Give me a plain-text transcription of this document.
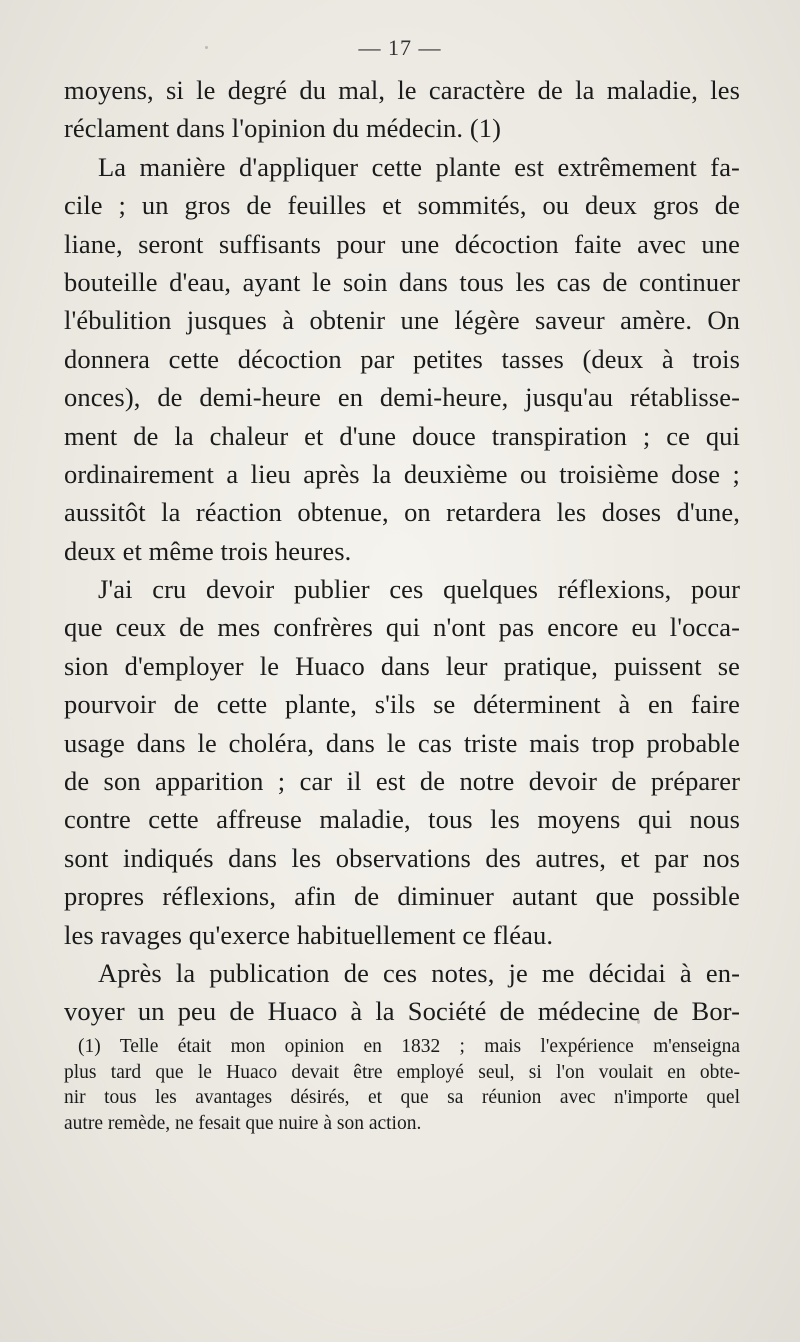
— 17 —
moyens, si le degré du mal, le caractère de la maladie, les
réclament dans l'opinion du médecin. (1)
La manière d'appliquer cette plante est extrêmement fa-
cile ; un gros de feuilles et sommités, ou deux gros de
liane, seront suffisants pour une décoction faite avec une
bouteille d'eau, ayant le soin dans tous les cas de continuer
l'ébulition jusques à obtenir une légère saveur amère. On
donnera cette décoction par petites tasses (deux à trois
onces), de demi-heure en demi-heure, jusqu'au rétablisse-
ment de la chaleur et d'une douce transpiration ; ce qui
ordinairement a lieu après la deuxième ou troisième dose ;
aussitôt la réaction obtenue, on retardera les doses d'une,
deux et même trois heures.
J'ai cru devoir publier ces quelques réflexions, pour
que ceux de mes confrères qui n'ont pas encore eu l'occa-
sion d'employer le Huaco dans leur pratique, puissent se
pourvoir de cette plante, s'ils se déterminent à en faire
usage dans le choléra, dans le cas triste mais trop probable
de son apparition ; car il est de notre devoir de préparer
contre cette affreuse maladie, tous les moyens qui nous
sont indiqués dans les observations des autres, et par nos
propres réflexions, afin de diminuer autant que possible
les ravages qu'exerce habituellement ce fléau.
Après la publication de ces notes, je me décidai à en-
voyer un peu de Huaco à la Société de médecine de Bor-
(1) Telle était mon opinion en 1832 ; mais l'expérience m'enseigna
plus tard que le Huaco devait être employé seul, si l'on voulait en obte-
nir tous les avantages désirés, et que sa réunion avec n'importe quel
autre remède, ne fesait que nuire à son action.
